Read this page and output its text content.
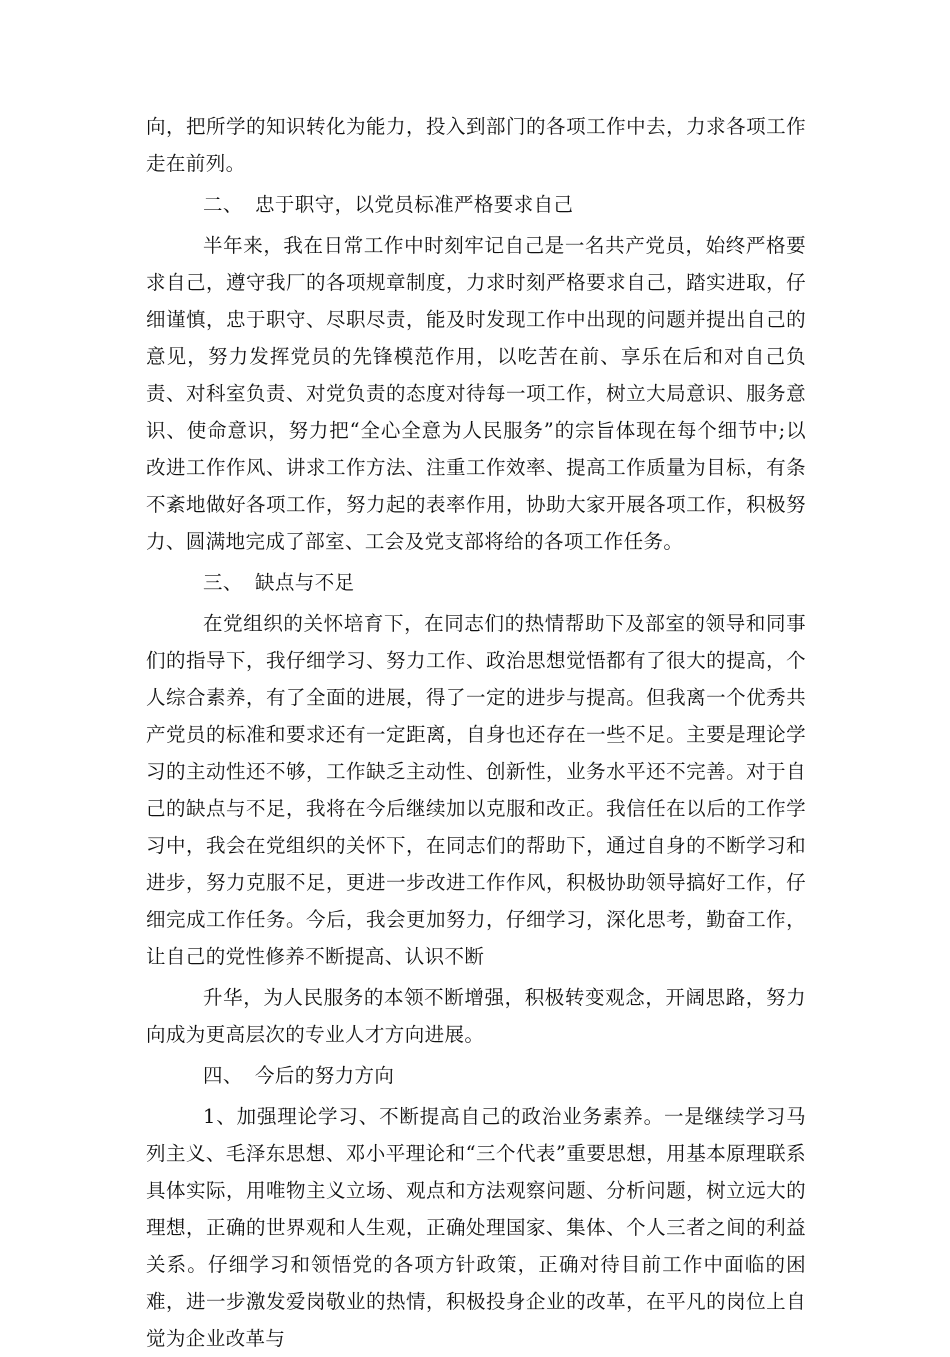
向，把所学的知识转化为能力，投入到部门的各项工作中去，力求各项工作走在前列。

二、 忠于职守，以党员标准严格要求自己

半年来，我在日常工作中时刻牢记自己是一名共产党员，始终严格要求自己，遵守我厂的各项规章制度，力求时刻严格要求自己，踏实进取，仔细谨慎，忠于职守、尽职尽责，能及时发现工作中出现的问题并提出自己的意见，努力发挥党员的先锋模范作用，以吃苦在前、享乐在后和对自己负责、对科室负责、对党负责的态度对待每一项工作，树立大局意识、服务意识、使命意识，努力把“全心全意为人民服务”的宗旨体现在每个细节中;以改进工作作风、讲求工作方法、注重工作效率、提高工作质量为目标，有条不紊地做好各项工作，努力起的表率作用，协助大家开展各项工作，积极努力、圆满地完成了部室、工会及党支部将给的各项工作任务。

三、 缺点与不足

在党组织的关怀培育下，在同志们的热情帮助下及部室的领导和同事们的指导下，我仔细学习、努力工作、政治思想觉悟都有了很大的提高，个人综合素养，有了全面的进展，得了一定的进步与提高。但我离一个优秀共产党员的标准和要求还有一定距离，自身也还存在一些不足。主要是理论学习的主动性还不够，工作缺乏主动性、创新性，业务水平还不完善。对于自己的缺点与不足，我将在今后继续加以克服和改正。我信任在以后的工作学习中，我会在党组织的关怀下，在同志们的帮助下，通过自身的不断学习和进步，努力克服不足，更进一步改进工作作风，积极协助领导搞好工作，仔细完成工作任务。今后，我会更加努力，仔细学习，深化思考，勤奋工作，让自己的党性修养不断提高、认识不断

升华，为人民服务的本领不断增强，积极转变观念，开阔思路，努力向成为更高层次的专业人才方向进展。

四、 今后的努力方向

1、加强理论学习、不断提高自己的政治业务素养。一是继续学习马列主义、毛泽东思想、邓小平理论和“三个代表”重要思想，用基本原理联系具体实际，用唯物主义立场、观点和方法观察问题、分析问题，树立远大的理想，正确的世界观和人生观，正确处理国家、集体、个人三者之间的利益关系。仔细学习和领悟党的各项方针政策，正确对待目前工作中面临的困难，进一步激发爱岗敬业的热情，积极投身企业的改革，在平凡的岗位上自觉为企业改革与
